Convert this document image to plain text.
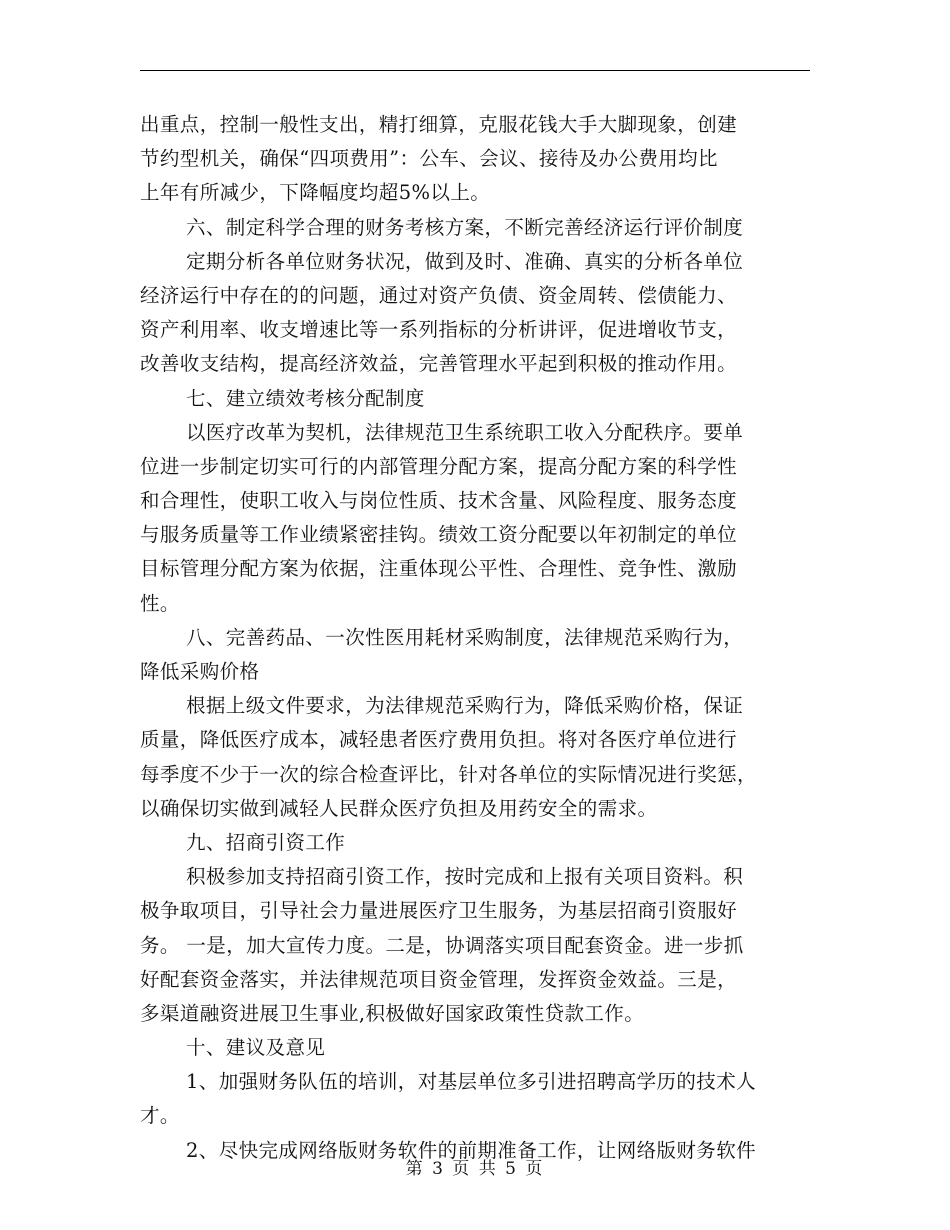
出重点，控制一般性支出，精打细算，克服花钱大手大脚现象，创建
节约型机关，确保“四项费用”：公车、会议、接待及办公费用均比
上年有所减少，下降幅度均超5%以上。
六、制定科学合理的财务考核方案，不断完善经济运行评价制度
定期分析各单位财务状况，做到及时、准确、真实的分析各单位
经济运行中存在的的问题，通过对资产负债、资金周转、偿债能力、
资产利用率、收支增速比等一系列指标的分析讲评，促进增收节支，
改善收支结构，提高经济效益，完善管理水平起到积极的推动作用。
七、建立绩效考核分配制度
以医疗改革为契机，法律规范卫生系统职工收入分配秩序。要单
位进一步制定切实可行的内部管理分配方案，提高分配方案的科学性
和合理性，使职工收入与岗位性质、技术含量、风险程度、服务态度
与服务质量等工作业绩紧密挂钩。绩效工资分配要以年初制定的单位
目标管理分配方案为依据，注重体现公平性、合理性、竞争性、激励
性。
八、完善药品、一次性医用耗材采购制度，法律规范采购行为，
降低采购价格
根据上级文件要求，为法律规范采购行为，降低采购价格，保证
质量，降低医疗成本，减轻患者医疗费用负担。将对各医疗单位进行
每季度不少于一次的综合检查评比，针对各单位的实际情况进行奖惩，
以确保切实做到减轻人民群众医疗负担及用药安全的需求。
九、招商引资工作
积极参加支持招商引资工作，按时完成和上报有关项目资料。积
极争取项目，引导社会力量进展医疗卫生服务，为基层招商引资服好
务。 一是，加大宣传力度。二是，协调落实项目配套资金。进一步抓
好配套资金落实，并法律规范项目资金管理，发挥资金效益。三是，
多渠道融资进展卫生事业,积极做好国家政策性贷款工作。
十、建议及意见
1、加强财务队伍的培训，对基层单位多引进招聘高学历的技术人
才。
2、尽快完成网络版财务软件的前期准备工作，让网络版财务软件
第 3 页 共 5 页
